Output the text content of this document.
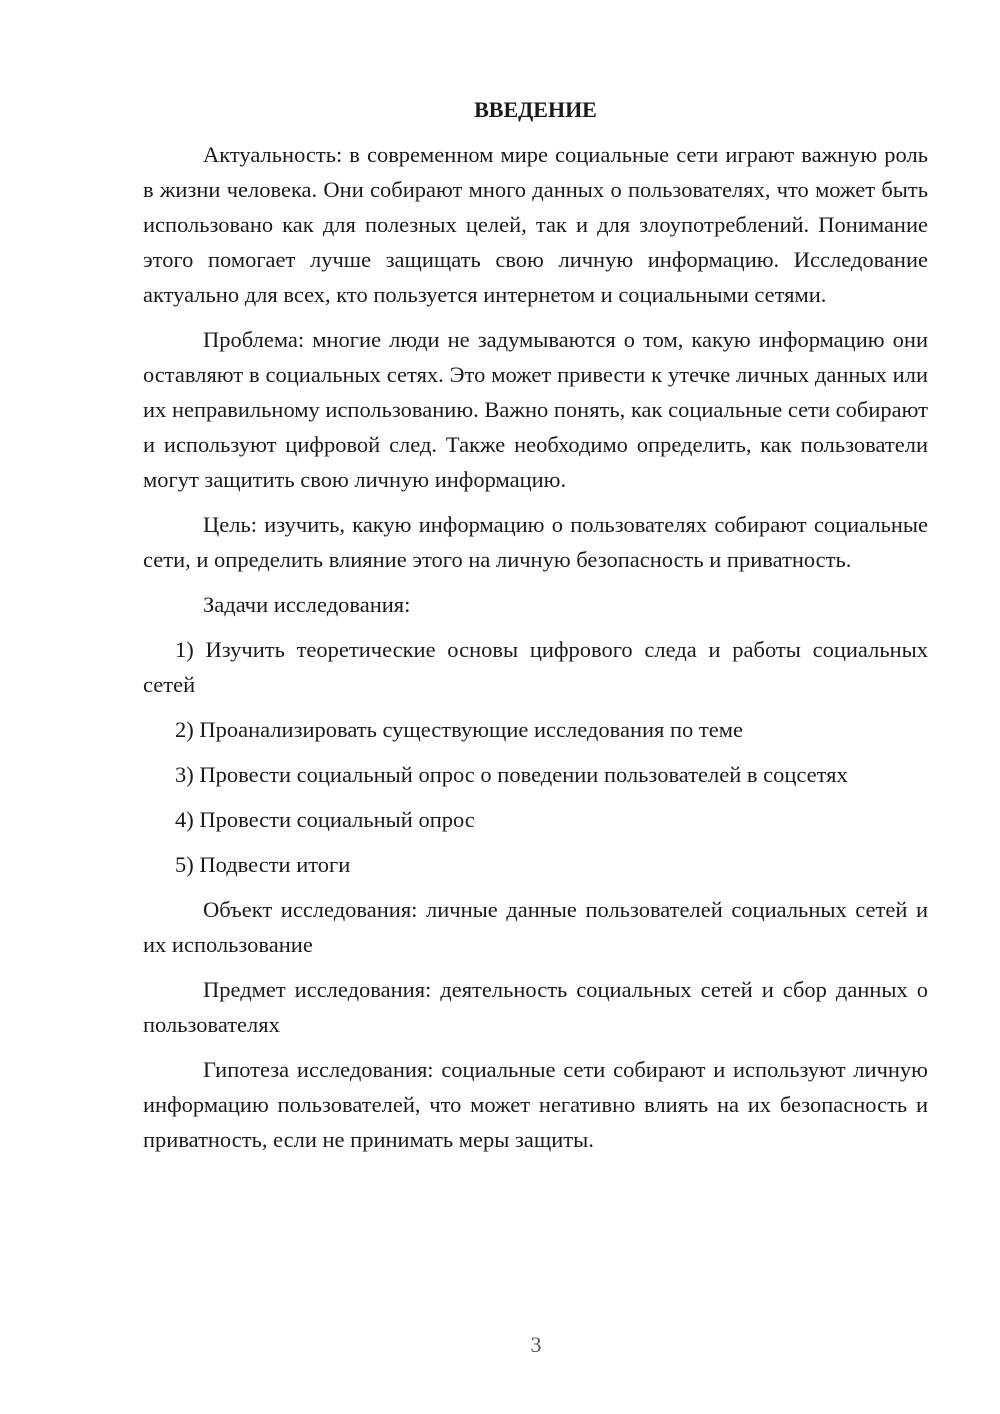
ВВЕДЕНИЕ

Актуальность: в современном мире социальные сети играют важную роль в жизни человека. Они собирают много данных о пользователях, что может быть использовано как для полезных целей, так и для злоупотреблений. Понимание этого помогает лучше защищать свою личную информацию. Исследование актуально для всех, кто пользуется интернетом и социальными сетями.

Проблема: многие люди не задумываются о том, какую информацию они оставляют в социальных сетях. Это может привести к утечке личных данных или их неправильному использованию. Важно понять, как социальные сети собирают и используют цифровой след. Также необходимо определить, как пользователи могут защитить свою личную информацию.

Цель: изучить, какую информацию о пользователях собирают социальные сети, и определить влияние этого на личную безопасность и приватность.

Задачи исследования:

1) Изучить теоретические основы цифрового следа и работы социальных сетей

2) Проанализировать существующие исследования по теме

3) Провести социальный опрос о поведении пользователей в соцсетях

4) Провести социальный опрос

5) Подвести итоги

Объект исследования: личные данные пользователей социальных сетей и их использование

Предмет исследования: деятельность социальных сетей и сбор данных о пользователях

Гипотеза исследования: социальные сети собирают и используют личную информацию пользователей, что может негативно влиять на их безопасность и приватность, если не принимать меры защиты.

3
